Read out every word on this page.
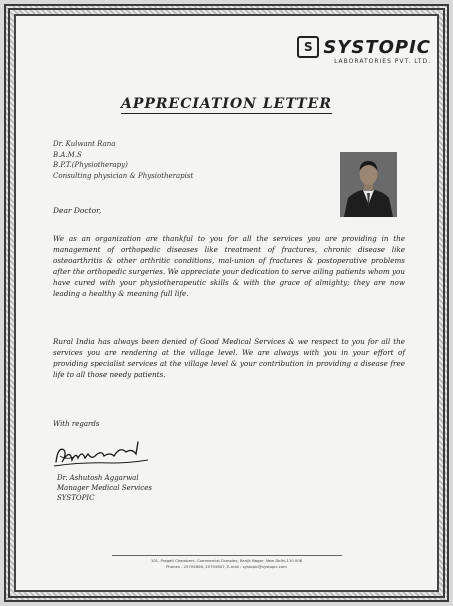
S SYSTOPIC
LABORATORIES PVT. LTD.
APPRECIATION LETTER
Dr. Kulwant Rana
B.A.M.S
B.P.T.(Physiotherapy)
Consulting physician & Physiotherapist
Dear Doctor,
We as an organization are thankful to you for all the services you are providing in the management of orthopedic diseases like treatment of fractures, chronic disease like osteoarthritis & other arthritic conditions, mal-union of fractures & postoperative problems after the orthopedic surgeries. We appreciate your dedication to serve ailing patients whom you have cured with your physiotherapeutic skills & with the grace of almighty; they are now leading a healthy & meaning full life.
Rural India has always been denied of Good Medical Services & we respect to you for all the services you are rendering at the village level. We are always with you in your effort of providing specialist services at the village level & your contribution in providing a disease free life to all those needy patients.
With regards
Dr. Ashutosh Aggarwal
Manager Medical Services
SYSTOPIC
101, Pragati Chambers, Commercial Complex, Ranjit Nagar, New Delhi-110 008
Phones : 25705608, 25705607, E-mail : systopic@systopic.com
